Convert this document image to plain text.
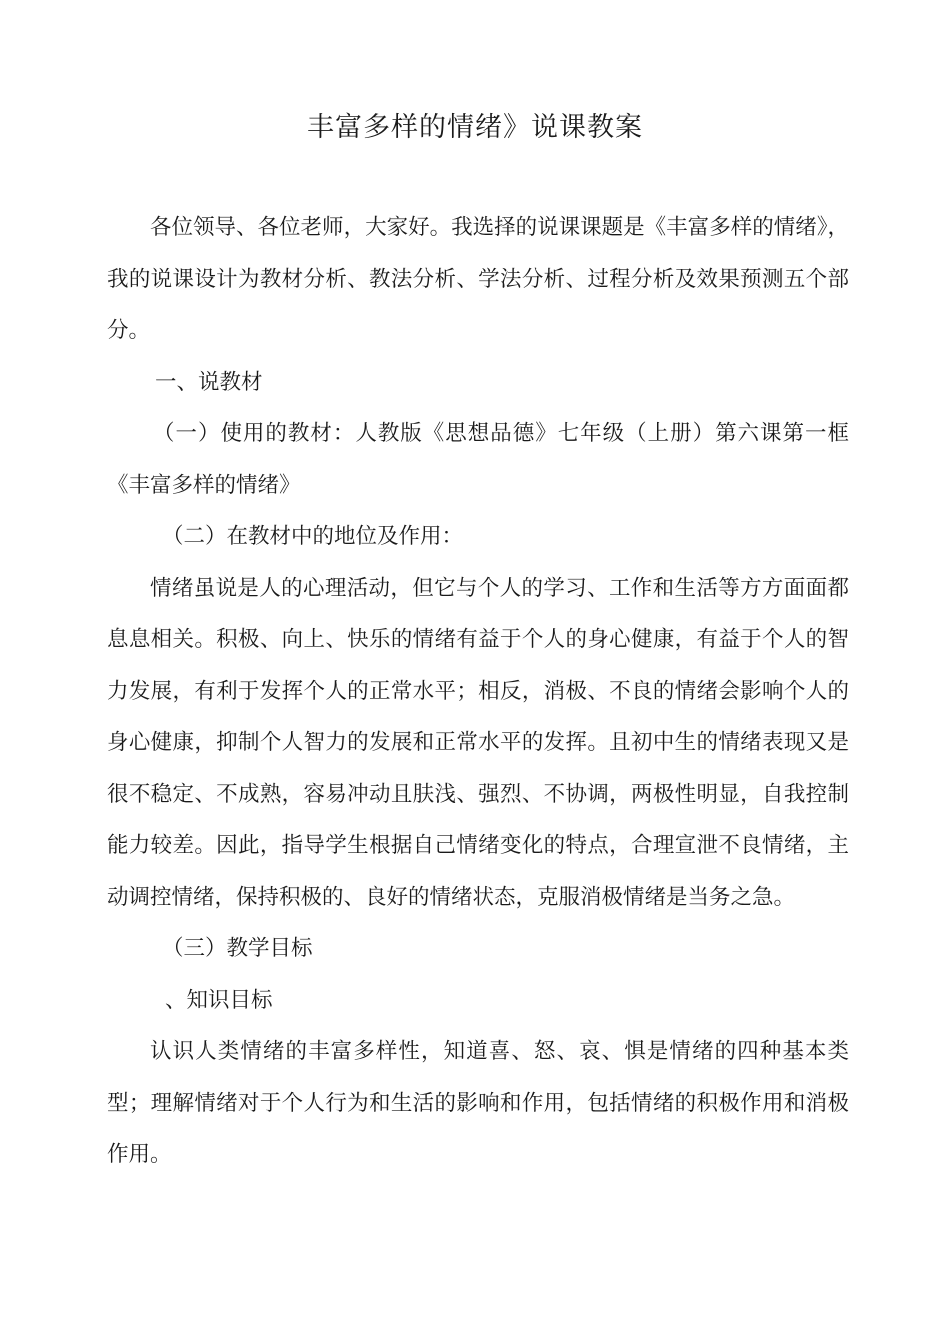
丰富多样的情绪》说课教案

各位领导、各位老师，大家好。我选择的说课课题是《丰富多样的情绪》，我的说课设计为教材分析、教法分析、学法分析、过程分析及效果预测五个部分。

一、说教材

（一）使用的教材：人教版《思想品德》七年级（上册）第六课第一框《丰富多样的情绪》

（二）在教材中的地位及作用：

情绪虽说是人的心理活动，但它与个人的学习、工作和生活等方方面面都息息相关。积极、向上、快乐的情绪有益于个人的身心健康，有益于个人的智力发展，有利于发挥个人的正常水平；相反，消极、不良的情绪会影响个人的身心健康，抑制个人智力的发展和正常水平的发挥。且初中生的情绪表现又是很不稳定、不成熟，容易冲动且肤浅、强烈、不协调，两极性明显，自我控制能力较差。因此，指导学生根据自己情绪变化的特点，合理宣泄不良情绪，主动调控情绪，保持积极的、良好的情绪状态，克服消极情绪是当务之急。

（三）教学目标

、知识目标

认识人类情绪的丰富多样性，知道喜、怒、哀、惧是情绪的四种基本类型；理解情绪对于个人行为和生活的影响和作用，包括情绪的积极作用和消极作用。
